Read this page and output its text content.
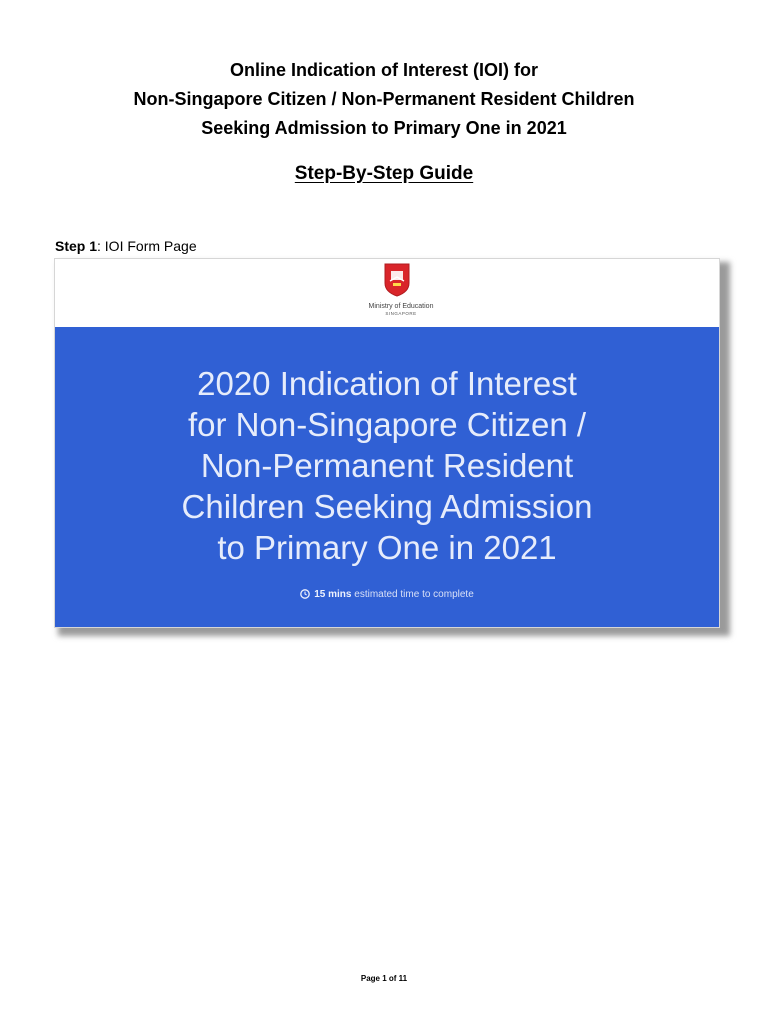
Online Indication of Interest (IOI) for
Non-Singapore Citizen / Non-Permanent Resident Children
Seeking Admission to Primary One in 2021
Step-By-Step Guide
Step 1: IOI Form Page
Ministry of Education
SINGAPORE
2020 Indication of Interest
for Non-Singapore Citizen /
Non-Permanent Resident
Children Seeking Admission
to Primary One in 2021
15 mins estimated time to complete
Page 1 of 11
